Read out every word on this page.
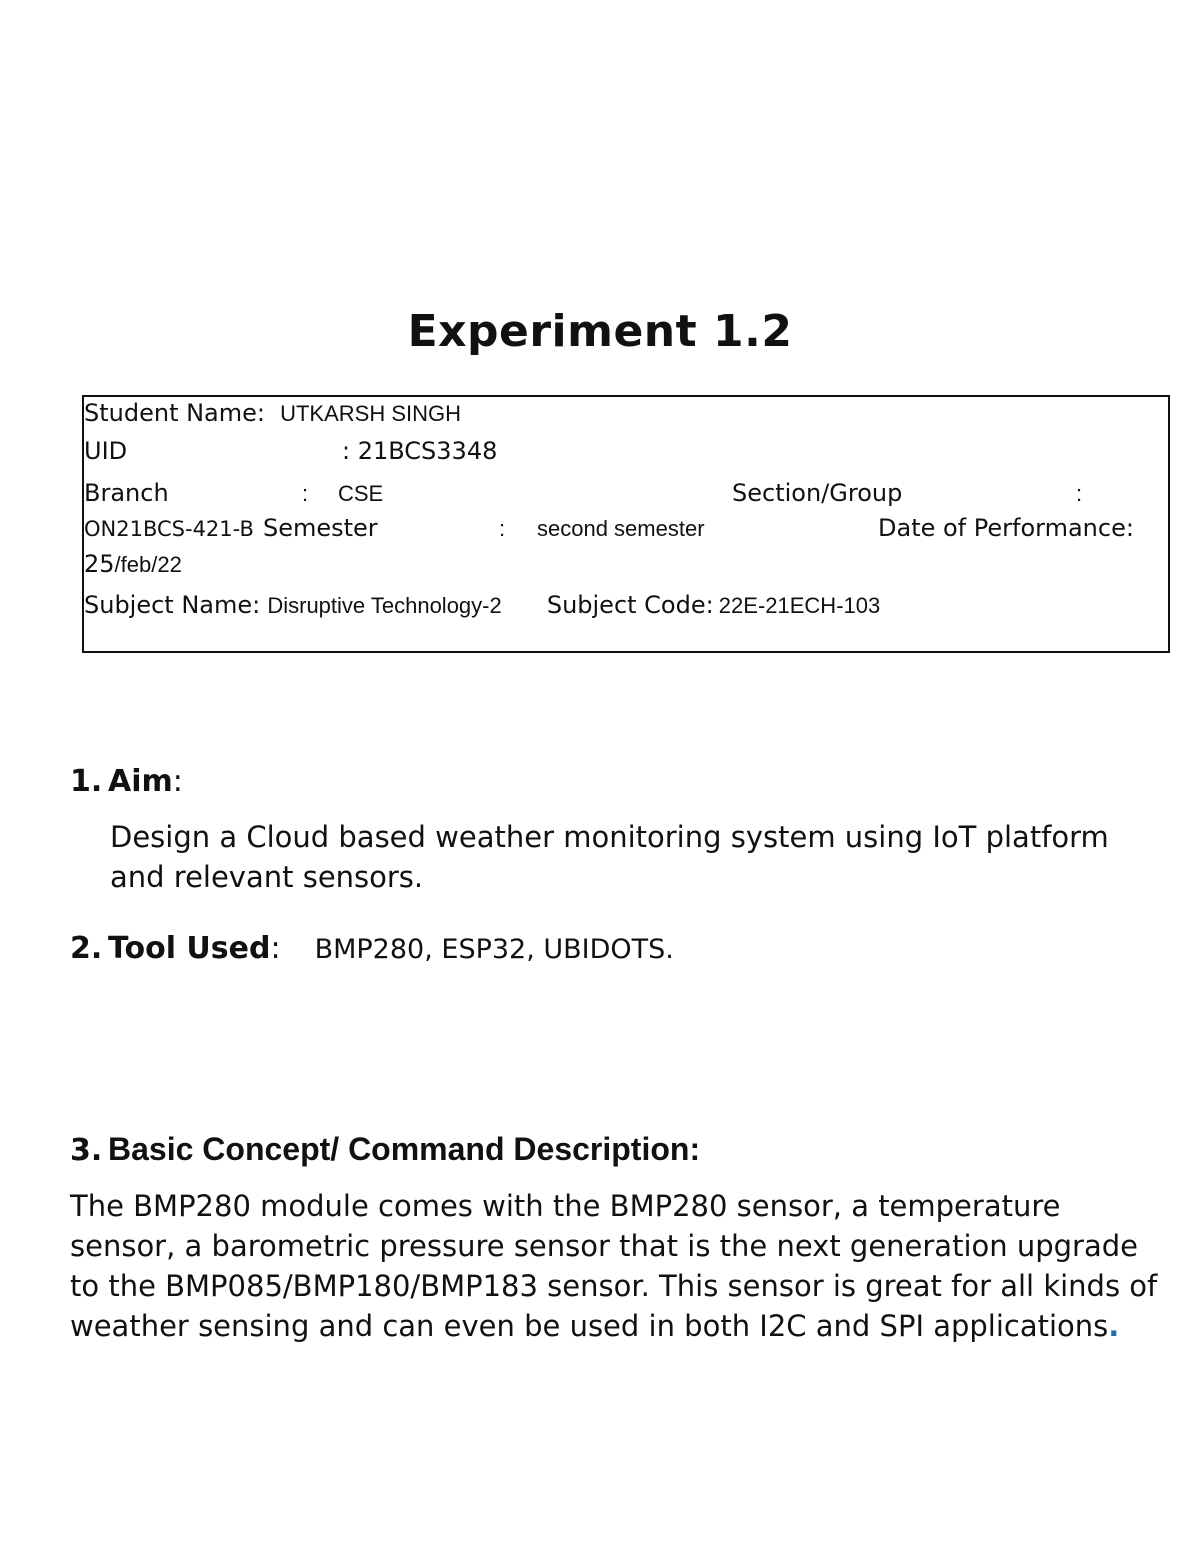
Experiment 1.2
Student Name: UTKARSH SINGH
UID	: 21BCS3348
Branch	: CSE	Section/Group	:
ON21BCS-421-B Semester	: second semester	Date of Performance:
25/feb/22
Subject Name: Disruptive Technology-2 Subject Code: 22E-21ECH-103
1. Aim:

Design a Cloud based weather monitoring system using IoT platform and relevant sensors.

2. Tool Used: BMP280, ESP32, UBIDOTS.
3. Basic Concept/ Command Description:

The BMP280 module comes with the BMP280 sensor, a temperature sensor, a barometric pressure sensor that is the next generation upgrade to the BMP085/BMP180/BMP183 sensor. This sensor is great for all kinds of weather sensing and can even be used in both I2C and SPI applications.
